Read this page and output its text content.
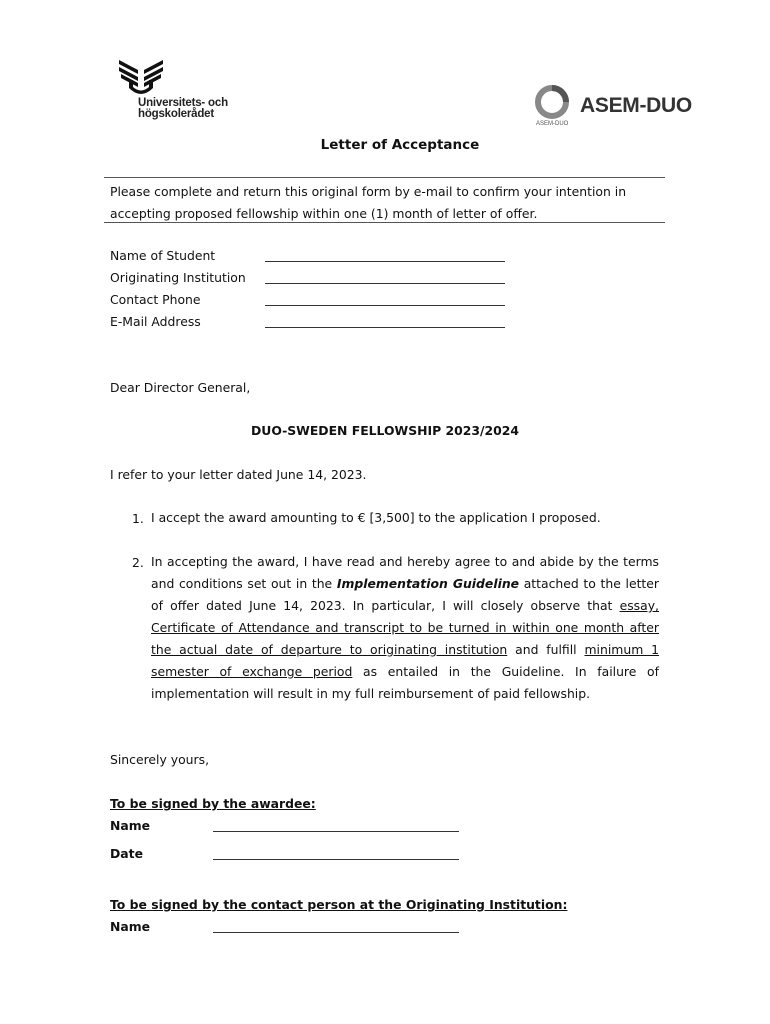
Universitets- och
högskolerådet	ASEM-DUO
ASEM-DUO
Letter of Acceptance
Please complete and return this original form by e-mail to confirm your intention in accepting proposed fellowship within one (1) month of letter of offer.
Name of Student
Originating Institution
Contact Phone
E-Mail Address
Dear Director General,
DUO-SWEDEN FELLOWSHIP 2023/2024
I refer to your letter dated June 14, 2023.
1. I accept the award amounting to € [3,500] to the application I proposed.
2. In accepting the award, I have read and hereby agree to and abide by the terms and conditions set out in the Implementation Guideline attached to the letter of offer dated June 14, 2023. In particular, I will closely observe that essay, Certificate of Attendance and transcript to be turned in within one month after the actual date of departure to originating institution and fulfill minimum 1 semester of exchange period as entailed in the Guideline. In failure of implementation will result in my full reimbursement of paid fellowship.
Sincerely yours,
To be signed by the awardee:
Name
Date
To be signed by the contact person at the Originating Institution:
Name
